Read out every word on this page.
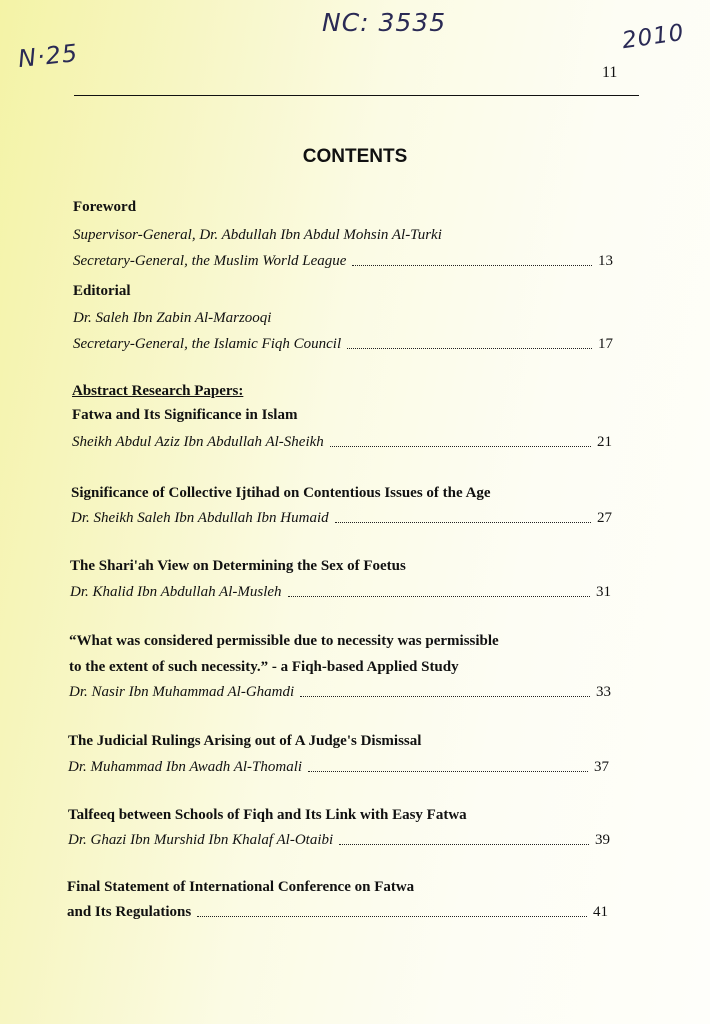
NC: 3535
N·25
2010
11
CONTENTS
Foreword
Supervisor-General, Dr. Abdullah Ibn Abdul Mohsin Al-Turki
Secretary-General, the Muslim World League	13
Editorial
Dr. Saleh Ibn Zabin Al-Marzooqi
Secretary-General, the Islamic Fiqh Council	17
Abstract Research Papers:
Fatwa and Its Significance in Islam
Sheikh Abdul Aziz Ibn Abdullah Al-Sheikh	21
Significance of Collective Ijtihad on Contentious Issues of the Age
Dr. Sheikh Saleh Ibn Abdullah Ibn Humaid	27
The Shari'ah View on Determining the Sex of Foetus
Dr. Khalid Ibn Abdullah Al-Musleh	31
“What was considered permissible due to necessity was permissible
to the extent of such necessity.” - a Fiqh-based Applied Study
Dr. Nasir Ibn Muhammad Al-Ghamdi	33
The Judicial Rulings Arising out of A Judge's Dismissal
Dr. Muhammad Ibn Awadh Al-Thomali	37
Talfeeq between Schools of Fiqh and Its Link with Easy Fatwa
Dr. Ghazi Ibn Murshid Ibn Khalaf Al-Otaibi	39
Final Statement of International Conference on Fatwa
and Its Regulations	41
